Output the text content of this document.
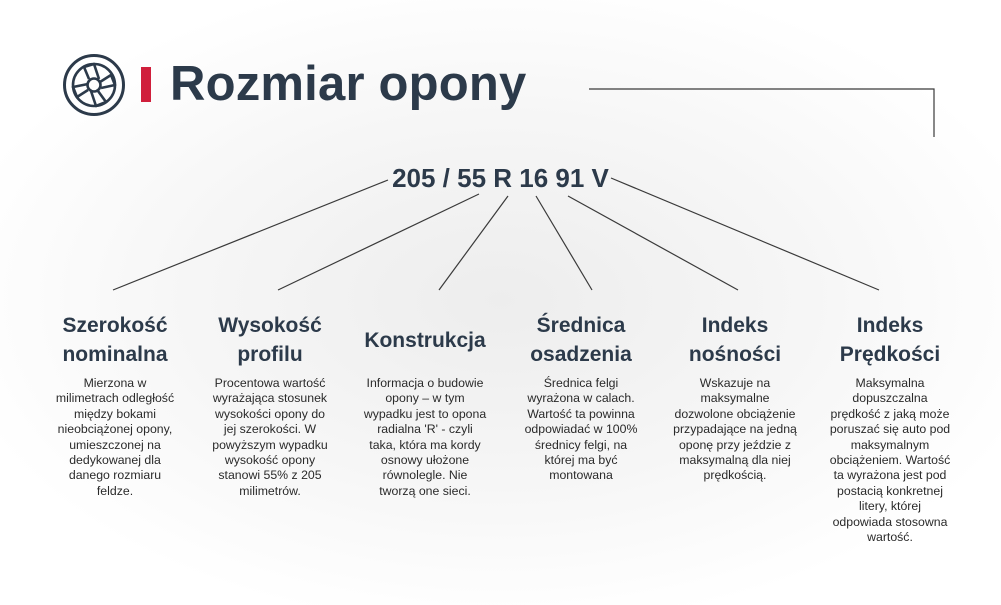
Rozmiar opony
205 / 55 R 16 91 V
Szerokość
nominalna

Mierzona w milimetrach odległość między bokami nieobciążonej opony, umieszczonej na dedykowanej dla danego rozmiaru feldze.

Wysokość
profilu

Procentowa wartość wyrażająca stosunek wysokości opony do jej szerokości. W powyższym wypadku wysokość opony stanowi 55% z 205 milimetrów.

Konstrukcja

Informacja o budowie opony – w tym wypadku jest to opona radialna 'R' - czyli taka, która ma kordy osnowy ułożone równolegle. Nie tworzą one sieci.

Średnica
osadzenia

Średnica felgi wyrażona w calach. Wartość ta powinna odpowiadać w 100% średnicy felgi, na której ma być montowana

Indeks
nośności

Wskazuje na maksymalne dozwolone obciążenie przypadające na jedną oponę przy jeździe z maksymalną dla niej prędkością.

Indeks
Prędkości

Maksymalna dopuszczalna prędkość z jaką może poruszać się auto pod maksymalnym obciążeniem. Wartość ta wyrażona jest pod postacią konkretnej litery, której odpowiada stosowna wartość.
